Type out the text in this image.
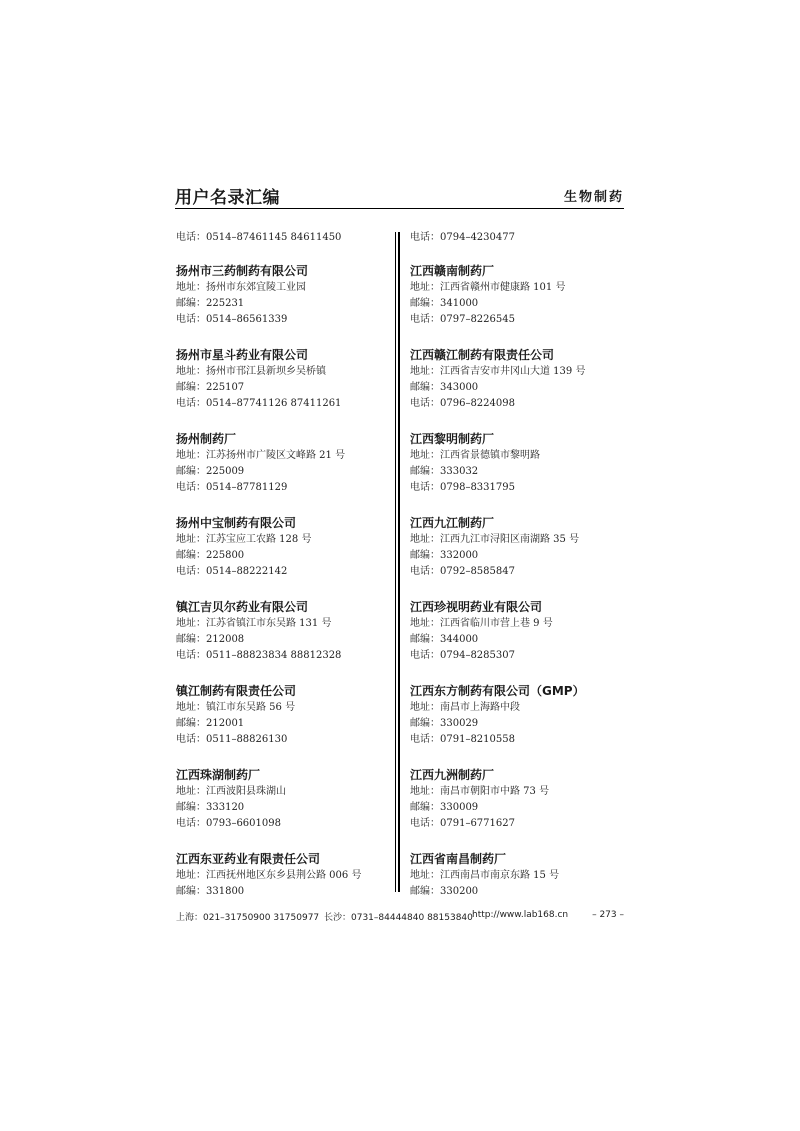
用户名录汇编	生物制药
电话：0514–87461145 84611450
扬州市三药制药有限公司
地址：扬州市东郊宜陵工业园
邮编：225231
电话：0514–86561339
扬州市星斗药业有限公司
地址：扬州市邗江县新坝乡吴桥镇
邮编：225107
电话：0514–87741126 87411261
扬州制药厂
地址：江苏扬州市广陵区文峰路 21 号
邮编：225009
电话：0514–87781129
扬州中宝制药有限公司
地址：江苏宝应工农路 128 号
邮编：225800
电话：0514–88222142
镇江吉贝尔药业有限公司
地址：江苏省镇江市东吴路 131 号
邮编：212008
电话：0511–88823834 88812328
镇江制药有限责任公司
地址：镇江市东吴路 56 号
邮编：212001
电话：0511–88826130
江西珠湖制药厂
地址：江西波阳县珠湖山
邮编：333120
电话：0793–6601098
江西东亚药业有限责任公司
地址：江西抚州地区东乡县荆公路 006 号
邮编：331800
电话：0794–4230477
江西赣南制药厂
地址：江西省赣州市健康路 101 号
邮编：341000
电话：0797–8226545
江西赣江制药有限责任公司
地址：江西省吉安市井冈山大道 139 号
邮编：343000
电话：0796–8224098
江西黎明制药厂
地址：江西省景德镇市黎明路
邮编：333032
电话：0798–8331795
江西九江制药厂
地址：江西九江市浔阳区南湖路 35 号
邮编：332000
电话：0792–8585847
江西珍视明药业有限公司
地址：江西省临川市营上巷 9 号
邮编：344000
电话：0794–8285307
江西东方制药有限公司（GMP）
地址：南昌市上海路中段
邮编：330029
电话：0791–8210558
江西九洲制药厂
地址：南昌市朝阳市中路 73 号
邮编：330009
电话：0791–6771627
江西省南昌制药厂
地址：江西南昌市南京东路 15 号
邮编：330200
上海：021–31750900 31750977 长沙：0731–84444840 88153840 http://www.lab168.cn	– 273 –
